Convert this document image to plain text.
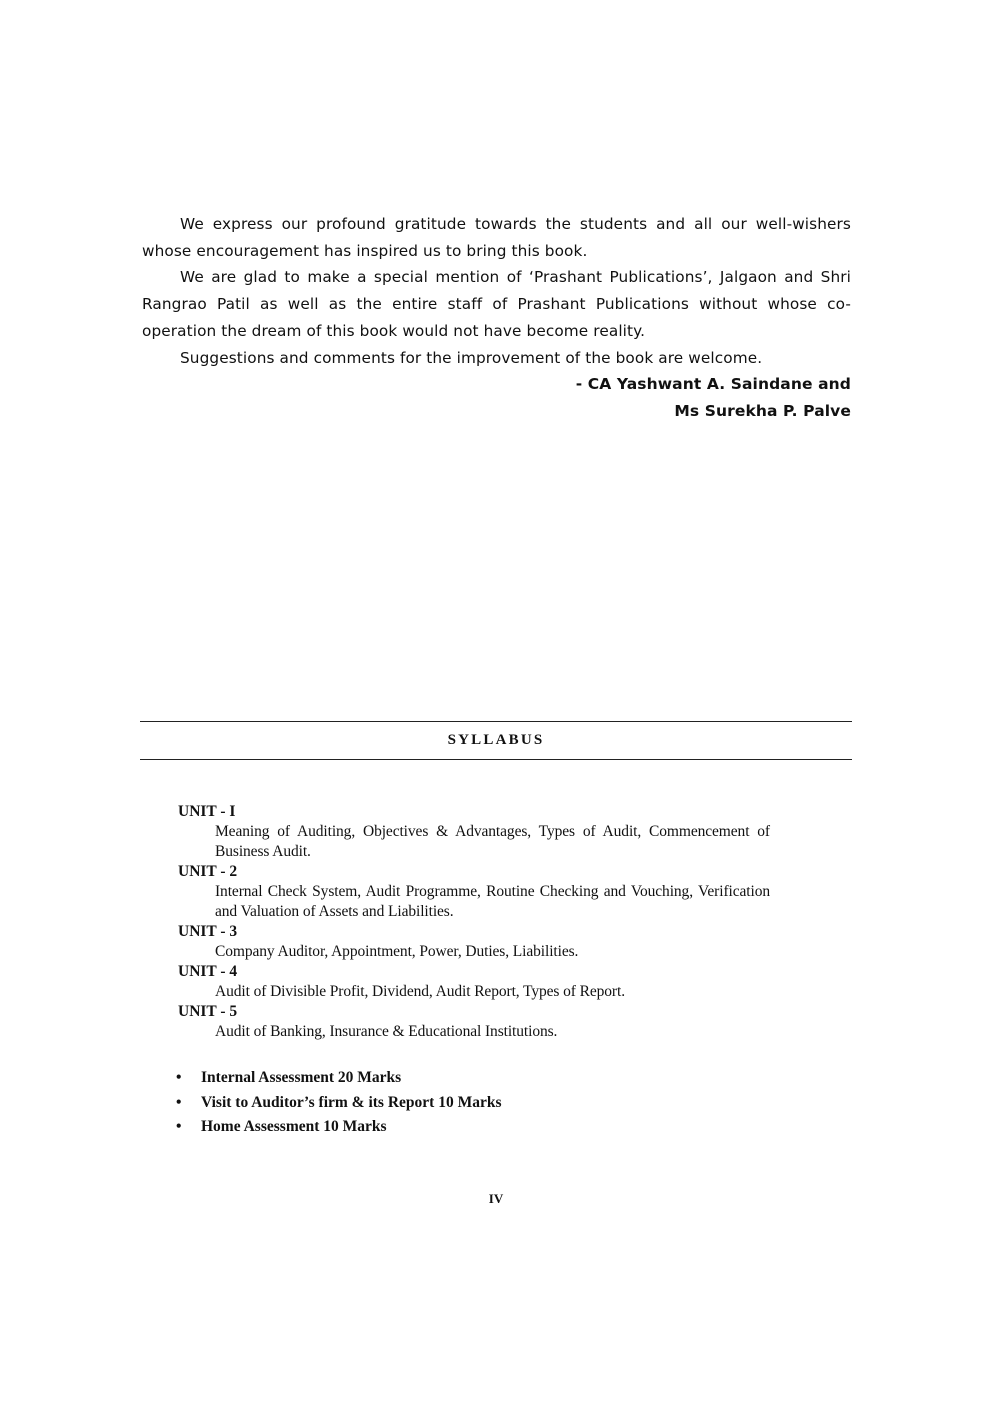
We express our profound gratitude towards the students and all our well-wishers whose encouragement has inspired us to bring this book.

We are glad to make a special mention of ‘Prashant Publications’, Jalgaon and Shri Rangrao Patil as well as the entire staff of Prashant Publications without whose co-operation the dream of this book would not have become reality.

Suggestions and comments for the improvement of the book are welcome.

- CA Yashwant A. Saindane and
Ms Surekha P. Palve
SYLLABUS
UNIT - I
Meaning of Auditing, Objectives & Advantages, Types of Audit, Commencement of Business Audit.
UNIT - 2
Internal Check System, Audit Programme, Routine Checking and Vouching, Verification and Valuation of Assets and Liabilities.
UNIT - 3
Company Auditor, Appointment, Power, Duties, Liabilities.
UNIT - 4
Audit of Divisible Profit, Dividend, Audit Report, Types of Report.
UNIT - 5
Audit of Banking, Insurance & Educational Institutions.
• Internal Assessment 20 Marks
• Visit to Auditor’s firm & its Report 10 Marks
• Home Assessment 10 Marks
IV
